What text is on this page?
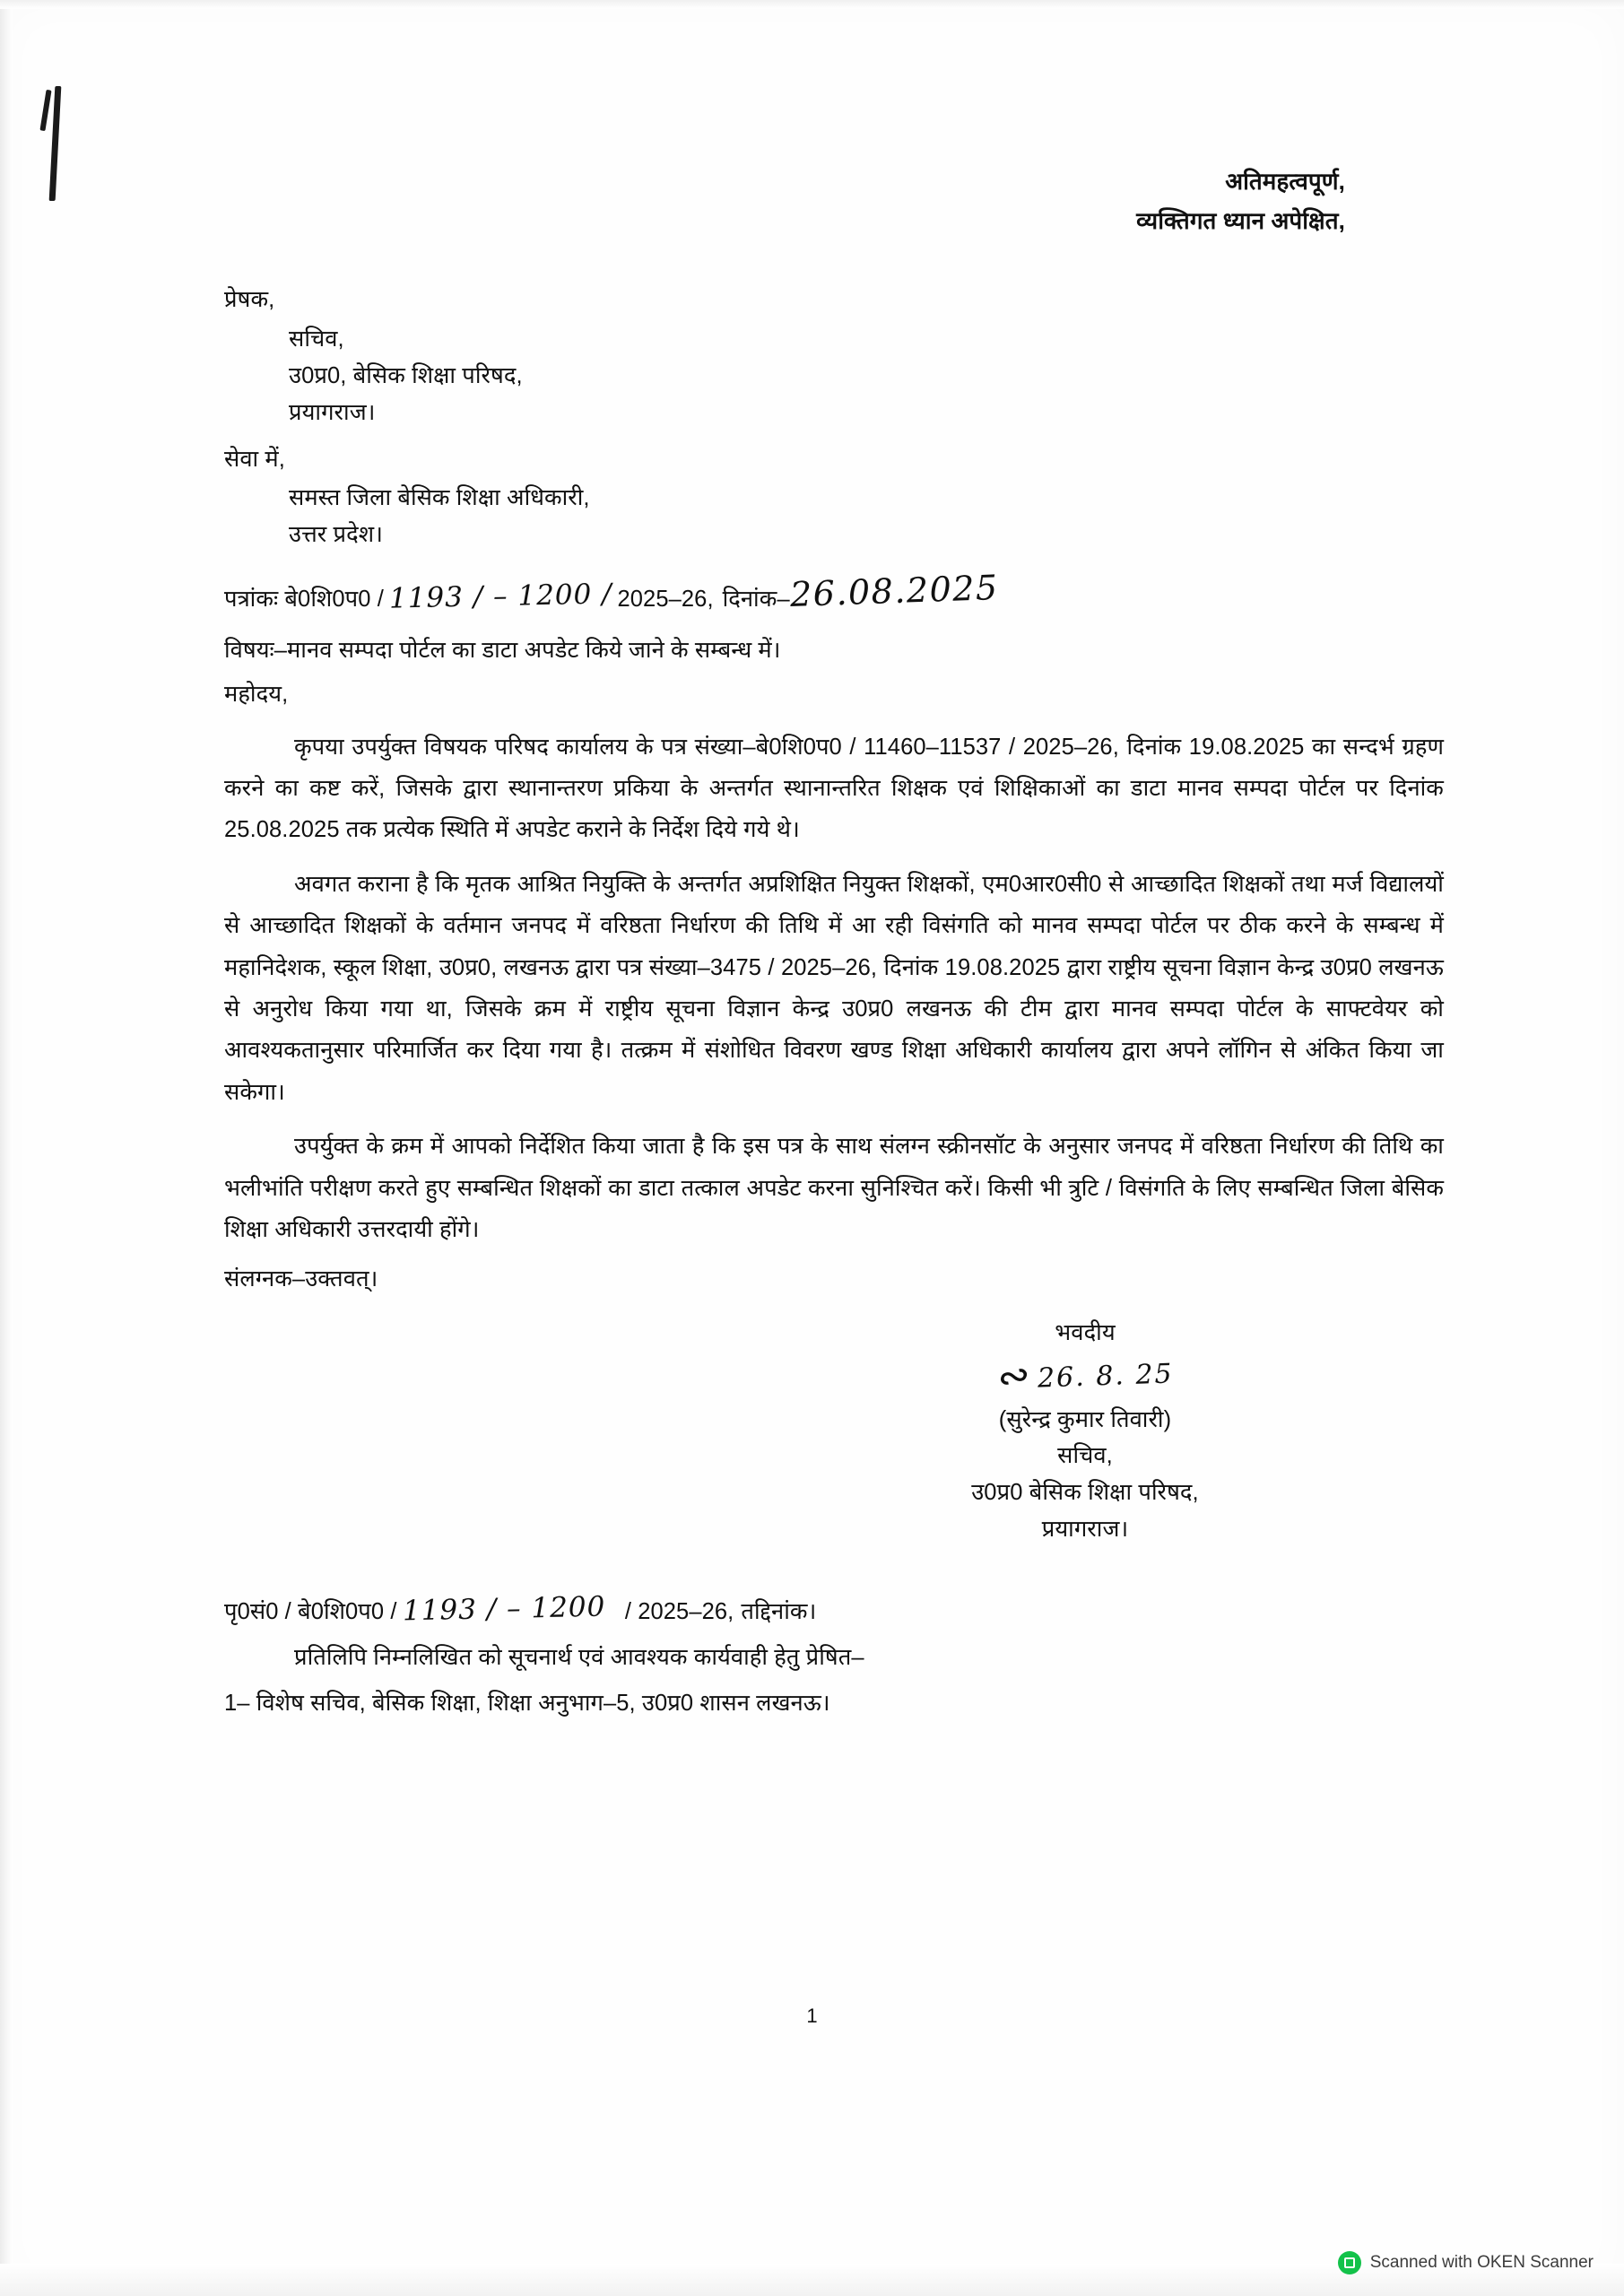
अतिमहत्वपूर्ण,
व्यक्तिगत ध्यान अपेक्षित,
प्रेषक,
सचिव,
उ0प्र0, बेसिक शिक्षा परिषद,
प्रयागराज।
सेवा में,
समस्त जिला बेसिक शिक्षा अधिकारी,
उत्तर प्रदेश।
पत्रांकः बे0शि0प0 / 1193 / – 1200 / 2025–26, दिनांक– 26.08.2025
विषयः–मानव सम्पदा पोर्टल का डाटा अपडेट किये जाने के सम्बन्ध में।
महोदय,

कृपया उपर्युक्त विषयक परिषद कार्यालय के पत्र संख्या–बे0शि0प0 / 11460–11537 / 2025–26, दिनांक 19.08.2025 का सन्दर्भ ग्रहण करने का कष्ट करें, जिसके द्वारा स्थानान्तरण प्रकिया के अन्तर्गत स्थानान्तरित शिक्षक एवं शिक्षिकाओं का डाटा मानव सम्पदा पोर्टल पर दिनांक 25.08.2025 तक प्रत्येक स्थिति में अपडेट कराने के निर्देश दिये गये थे।

अवगत कराना है कि मृतक आश्रित नियुक्ति के अन्तर्गत अप्रशिक्षित नियुक्त शिक्षकों, एम0आर0सी0 से आच्छादित शिक्षकों तथा मर्ज विद्यालयों से आच्छादित शिक्षकों के वर्तमान जनपद में वरिष्ठता निर्धारण की तिथि में आ रही विसंगति को मानव सम्पदा पोर्टल पर ठीक करने के सम्बन्ध में महानिदेशक, स्कूल शिक्षा, उ0प्र0, लखनऊ द्वारा पत्र संख्या–3475 / 2025–26, दिनांक 19.08.2025 द्वारा राष्ट्रीय सूचना विज्ञान केन्द्र उ0प्र0 लखनऊ से अनुरोध किया गया था, जिसके क्रम में राष्ट्रीय सूचना विज्ञान केन्द्र उ0प्र0 लखनऊ की टीम द्वारा मानव सम्पदा पोर्टल के साफ्टवेयर को आवश्यकतानुसार परिमार्जित कर दिया गया है। तत्क्रम में संशोधित विवरण खण्ड शिक्षा अधिकारी कार्यालय द्वारा अपने लॉगिन से अंकित किया जा सकेगा।

उपर्युक्त के क्रम में आपको निर्देशित किया जाता है कि इस पत्र के साथ संलग्न स्क्रीनसॉट के अनुसार जनपद में वरिष्ठता निर्धारण की तिथि का भलीभांति परीक्षण करते हुए सम्बन्धित शिक्षकों का डाटा तत्काल अपडेट करना सुनिश्चित करें। किसी भी त्रुटि / विसंगति के लिए सम्बन्धित जिला बेसिक शिक्षा अधिकारी उत्तरदायी होंगे।

संलग्नक–उक्तवत्।
भवदीय
∾26. 8. 25
(सुरेन्द्र कुमार तिवारी)
सचिव,
उ0प्र0 बेसिक शिक्षा परिषद,
प्रयागराज।
पृ0सं0 / बे0शि0प0 / 1193 / – 1200 / 2025–26, तद्दिनांक।
प्रतिलिपि निम्नलिखित को सूचनार्थ एवं आवश्यक कार्यवाही हेतु प्रेषित–
1– विशेष सचिव, बेसिक शिक्षा, शिक्षा अनुभाग–5, उ0प्र0 शासन लखनऊ।
1
Scanned with OKEN Scanner
